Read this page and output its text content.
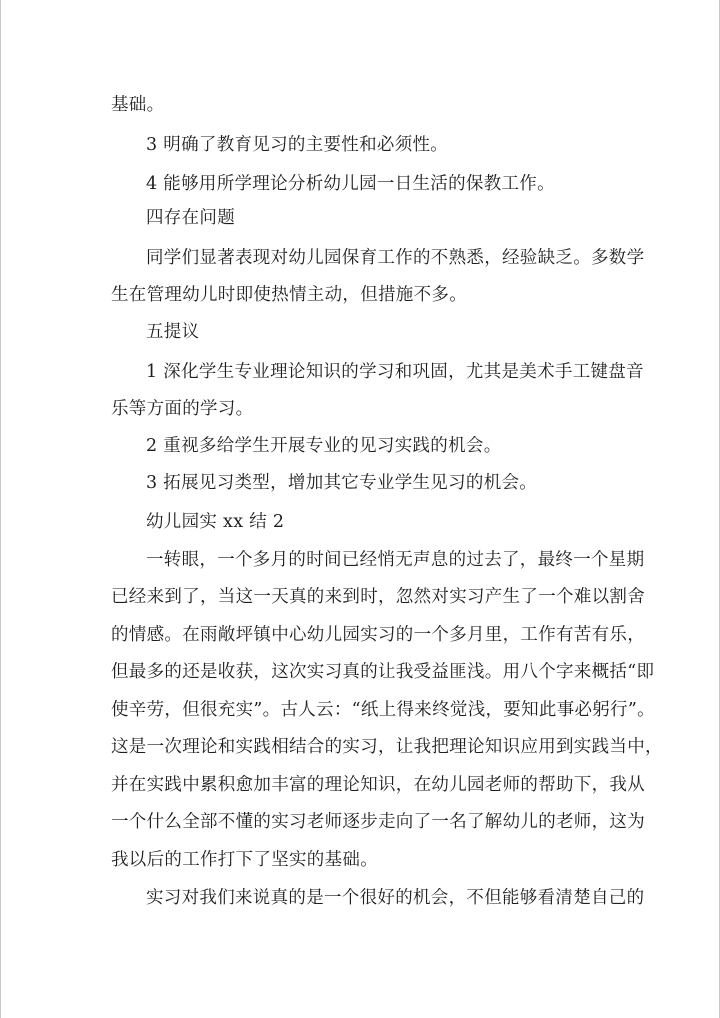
基础。
3 明确了教育见习的主要性和必须性。
4 能够用所学理论分析幼儿园一日生活的保教工作。
四存在问题
同学们显著表现对幼儿园保育工作的不熟悉，经验缺乏。多数学
生在管理幼儿时即使热情主动，但措施不多。
五提议
1 深化学生专业理论知识的学习和巩固，尤其是美术手工键盘音
乐等方面的学习。
2 重视多给学生开展专业的见习实践的机会。
3 拓展见习类型，增加其它专业学生见习的机会。
幼儿园实 xx 结 2
一转眼，一个多月的时间已经悄无声息的过去了，最终一个星期
已经来到了，当这一天真的来到时，忽然对实习产生了一个难以割舍
的情感。在雨敞坪镇中心幼儿园实习的一个多月里，工作有苦有乐，
但最多的还是收获，这次实习真的让我受益匪浅。用八个字来概括“即
使辛劳，但很充实”。古人云：“纸上得来终觉浅，要知此事必躬行”。
这是一次理论和实践相结合的实习，让我把理论知识应用到实践当中，
并在实践中累积愈加丰富的理论知识，在幼儿园老师的帮助下，我从
一个什么全部不懂的实习老师逐步走向了一名了解幼儿的老师，这为
我以后的工作打下了坚实的基础。
实习对我们来说真的是一个很好的机会，不但能够看清楚自己的
